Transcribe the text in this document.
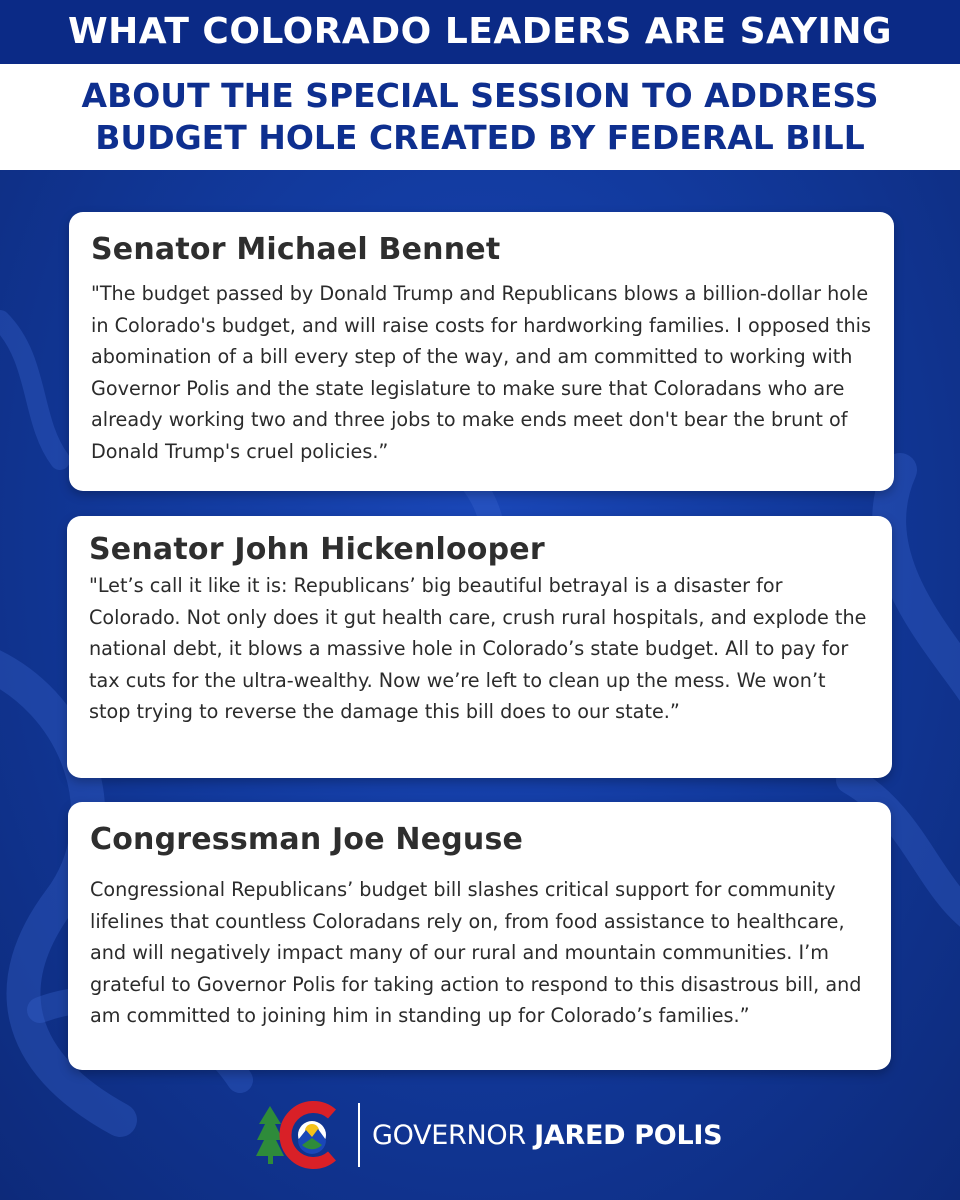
WHAT COLORADO LEADERS ARE SAYING
ABOUT THE SPECIAL SESSION TO ADDRESS
BUDGET HOLE CREATED BY FEDERAL BILL
Senator Michael Bennet

"The budget passed by Donald Trump and Republicans blows a billion-dollar hole in Colorado's budget, and will raise costs for hardworking families. I opposed this abomination of a bill every step of the way, and am committed to working with Governor Polis and the state legislature to make sure that Coloradans who are already working two and three jobs to make ends meet don't bear the brunt of Donald Trump's cruel policies.”

Senator John Hickenlooper

"Let’s call it like it is: Republicans’ big beautiful betrayal is a disaster for Colorado. Not only does it gut health care, crush rural hospitals, and explode the national debt, it blows a massive hole in Colorado’s state budget. All to pay for tax cuts for the ultra-wealthy. Now we’re left to clean up the mess. We won’t stop trying to reverse the damage this bill does to our state.”

Congressman Joe Neguse

Congressional Republicans’ budget bill slashes critical support for community lifelines that countless Coloradans rely on, from food assistance to healthcare, and will negatively impact many of our rural and mountain communities. I’m grateful to Governor Polis for taking action to respond to this disastrous bill, and am committed to joining him in standing up for Colorado’s families.”

GOVERNOR JARED POLIS
